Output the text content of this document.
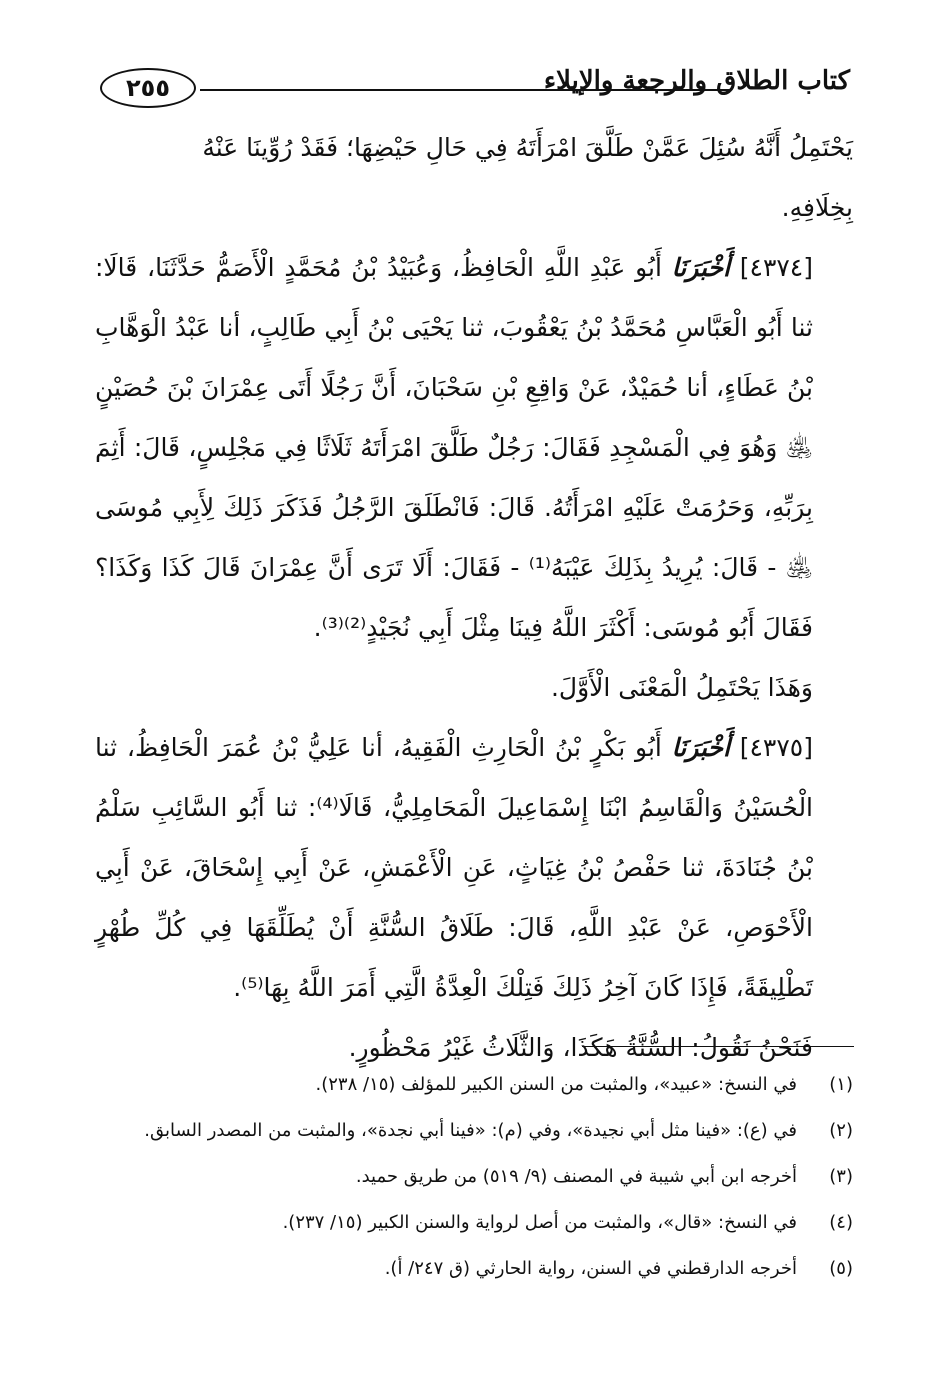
٢٥٥	كتاب الطلاق والرجعة والإيلاء

يَحْتَمِلُ أَنَّهُ سُئِلَ عَمَّنْ طَلَّقَ امْرَأَتَهُ فِي حَالِ حَيْضِهَا؛ فَقَدْ رُوِّينَا عَنْهُ
بِخِلَافِهِ.

[٤٣٧٤] أَخْبَرَنَا أَبُو عَبْدِ اللَّهِ الْحَافِظُ، وَعُبَيْدُ بْنُ مُحَمَّدٍ الْأَصَمُّ حَدَّثَنَا، قَالَا: ثنا أَبُو الْعَبَّاسِ مُحَمَّدُ بْنُ يَعْقُوبَ، ثنا يَحْيَى بْنُ أَبِي طَالِبٍ، أنا عَبْدُ الْوَهَّابِ بْنُ عَطَاءٍ، أنا حُمَيْدٌ، عَنْ وَاقِعِ بْنِ سَحْبَانَ، أَنَّ رَجُلًا أَتَى عِمْرَانَ بْنَ حُصَيْنٍ ﵁ وَهُوَ فِي الْمَسْجِدِ فَقَالَ: رَجُلٌ طَلَّقَ امْرَأَتَهُ ثَلَاثًا فِي مَجْلِسٍ، قَالَ: أَثِمَ بِرَبِّهِ، وَحَرُمَتْ عَلَيْهِ امْرَأَتُهُ. قَالَ: فَانْطَلَقَ الرَّجُلُ فَذَكَرَ ذَلِكَ لِأَبِي مُوسَى ﵁ - قَالَ: يُرِيدُ بِذَلِكَ عَيْبَهُ⁽¹⁾ - فَقَالَ: أَلَا تَرَى أَنَّ عِمْرَانَ قَالَ كَذَا وَكَذَا؟ فَقَالَ أَبُو مُوسَى: أَكْثَرَ اللَّهُ فِينَا مِثْلَ أَبِي نُجَيْدٍ⁽²⁾⁽³⁾.

وَهَذَا يَحْتَمِلُ الْمَعْنَى الْأَوَّلَ.

[٤٣٧٥] أَخْبَرَنَا أَبُو بَكْرٍ بْنُ الْحَارِثِ الْفَقِيهُ، أنا عَلِيُّ بْنُ عُمَرَ الْحَافِظُ، ثنا الْحُسَيْنُ وَالْقَاسِمُ ابْنَا إِسْمَاعِيلَ الْمَحَامِلِيُّ، قَالَا⁽⁴⁾: ثنا أَبُو السَّائِبِ سَلْمُ بْنُ جُنَادَةَ، ثنا حَفْصُ بْنُ غِيَاثٍ، عَنِ الْأَعْمَشِ، عَنْ أَبِي إِسْحَاقَ، عَنْ أَبِي الْأَحْوَصِ، عَنْ عَبْدِ اللَّهِ، قَالَ: طَلَاقُ السُّنَّةِ أَنْ يُطَلِّقَهَا فِي كُلِّ طُهْرٍ تَطْلِيقَةً، فَإِذَا كَانَ آخِرُ ذَلِكَ فَتِلْكَ الْعِدَّةُ الَّتِي أَمَرَ اللَّهُ بِهَا⁽⁵⁾.

فَنَحْنُ نَقُولُ: السُّنَّةُ هَكَذَا، وَالثَّلَاثُ غَيْرُ مَحْظُورٍ.

(١)
في النسخ: «عبيد»، والمثبت من السنن الكبير للمؤلف (١٥/ ٢٣٨).
(٢)
في (ع): «فينا مثل أبي نجيدة»، وفي (م): «فينا أبي نجدة»، والمثبت من المصدر السابق.
(٣)
أخرجه ابن أبي شيبة في المصنف (٩/ ٥١٩) من طريق حميد.
(٤)
في النسخ: «قال»، والمثبت من أصل لرواية والسنن الكبير (١٥/ ٢٣٧).
(٥)
أخرجه الدارقطني في السنن، رواية الحارثي (ق ٢٤٧/ أ).
